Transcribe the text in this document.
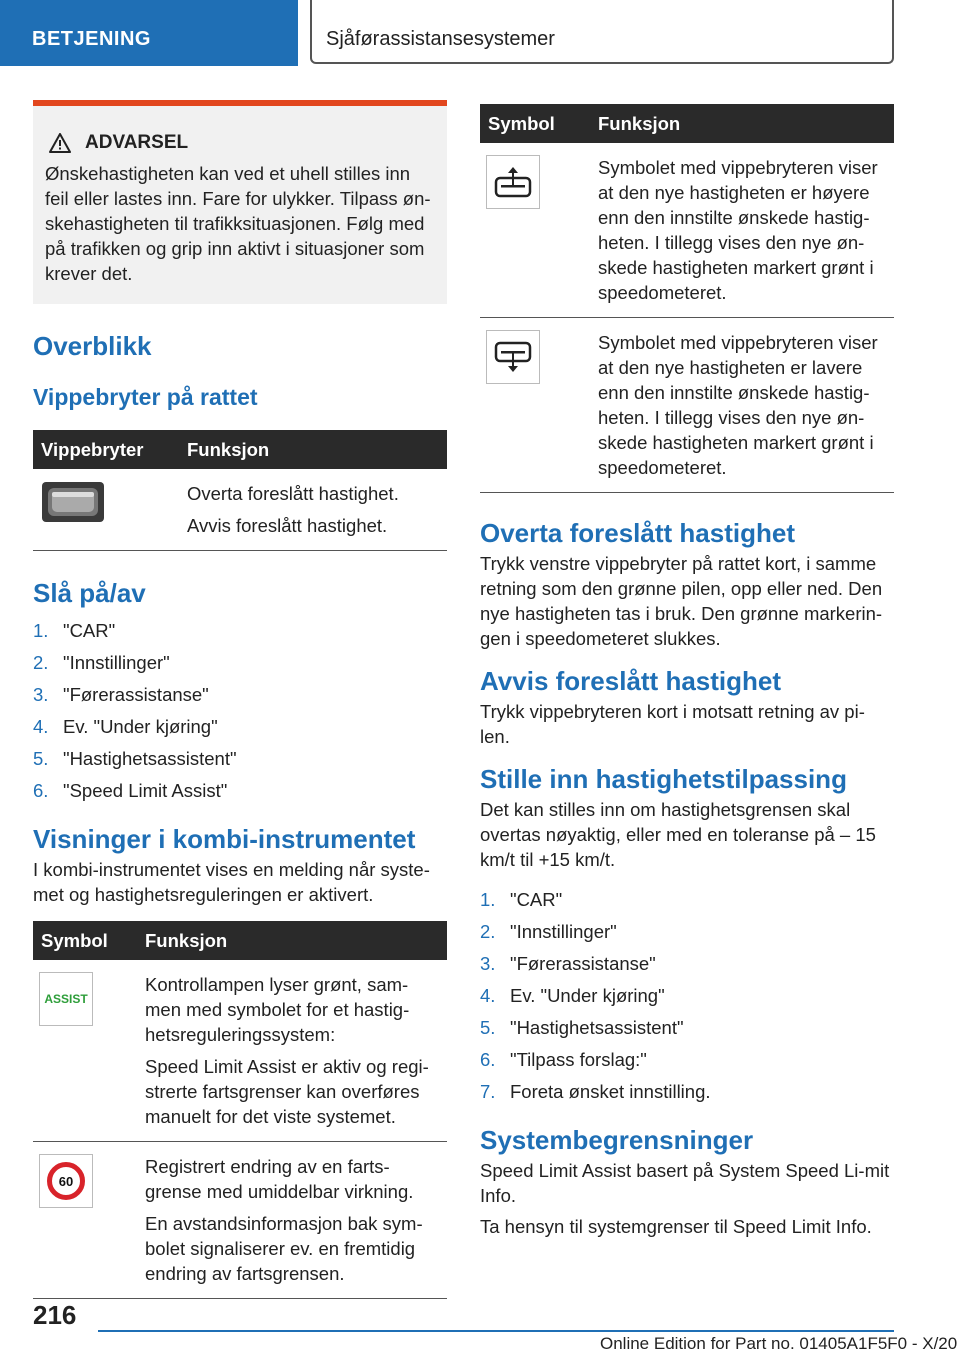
BETJENING	Sjåførassistansesystemer
ADVARSEL

Ønskehastigheten kan ved et uhell stilles inn feil eller lastes inn. Fare for ulykker. Tilpass øn-skehastigheten til trafikksituasjonen. Følg med på trafikken og grip inn aktivt i situasjoner som krever det.

Overblikk
Vippebryter på rattet
Vippebryter	Funksjon

Overta foreslått hastighet.

Avvis foreslått hastighet.

Slå på/av
1. "CAR"
2. "Innstillinger"
3. "Førerassistanse"
4. Ev. "Under kjøring"
5. "Hastighetsassistent"
6. "Speed Limit Assist"
Visninger i kombi-instrumentet

I kombi-instrumentet vises en melding når syste-met og hastighetsreguleringen er aktivert.

Symbol	Funksjon

ASSIST	Kontrollampen lyser grønt, sam-men med symbolet for et hastig-hetsreguleringssystem:

Speed Limit Assist er aktiv og regi-strerte fartsgrenser kan overføres manuelt for det viste systemet.

60	Registrert endring av en farts-grense med umiddelbar virkning.

En avstandsinformasjon bak sym-bolet signaliserer ev. en fremtidig endring av fartsgrensen.

Symbol	Funksjon

Symbolet med vippebryteren viser at den nye hastigheten er høyere enn den innstilte ønskede hastig-heten. I tillegg vises den nye øn-skede hastigheten markert grønt i speedometeret.

Symbolet med vippebryteren viser at den nye hastigheten er lavere enn den innstilte ønskede hastig-heten. I tillegg vises den nye øn-skede hastigheten markert grønt i speedometeret.

Overta foreslått hastighet

Trykk venstre vippebryter på rattet kort, i samme retning som den grønne pilen, opp eller ned. Den nye hastigheten tas i bruk. Den grønne markerin-gen i speedometeret slukkes.

Avvis foreslått hastighet

Trykk vippebryteren kort i motsatt retning av pi-len.

Stille inn hastighetstilpassing

Det kan stilles inn om hastighetsgrensen skal overtas nøyaktig, eller med en toleranse på – 15 km/t til +15 km/t.

1. "CAR"
2. "Innstillinger"
3. "Førerassistanse"
4. Ev. "Under kjøring"
5. "Hastighetsassistent"
6. "Tilpass forslag:"
7. Foreta ønsket innstilling.
Systembegrensninger

Speed Limit Assist basert på System Speed Li-mit Info.

Ta hensyn til systemgrenser til Speed Limit Info.

216
Online Edition for Part no. 01405A1F5F0 - X/20
